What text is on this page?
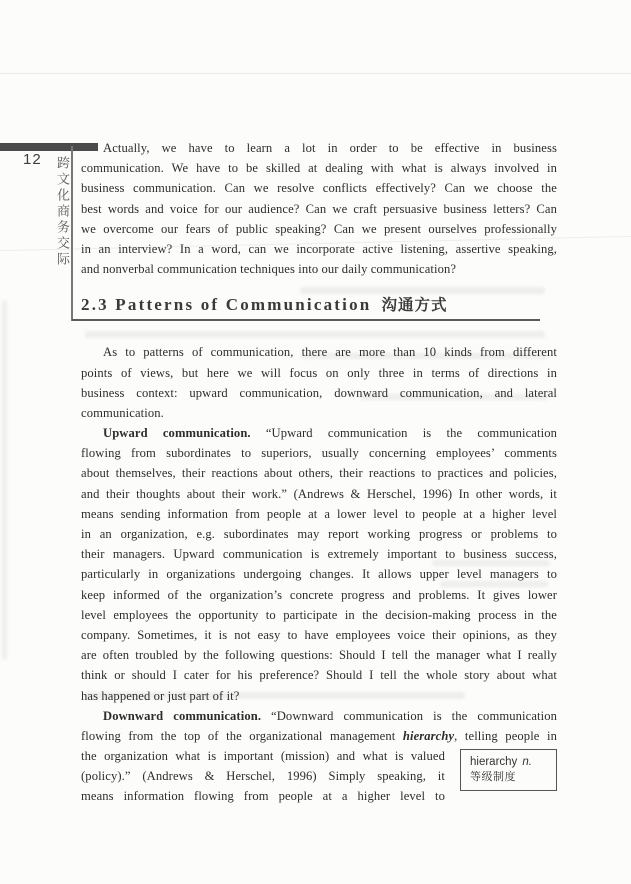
12 跨文化商务交际
Actually, we have to learn a lot in order to be effective in business
communication. We have to be skilled at dealing with what is always involved in
business communication. Can we resolve conflicts effectively? Can we choose the
best words and voice for our audience? Can we craft persuasive business letters? Can
we overcome our fears of public speaking? Can we present ourselves professionally
in an interview? In a word, can we incorporate active listening, assertive speaking,
and nonverbal communication techniques into our daily communication?
2.3 Patterns of Communication 沟通方式
As to patterns of communication, there are more than 10 kinds from different
points of views, but here we will focus on only three in terms of directions in
business context: upward communication, downward communication, and lateral
communication.
Upward communication. “Upward communication is the communication
flowing from subordinates to superiors, usually concerning employees’ comments
about themselves, their reactions about others, their reactions to practices and policies,
and their thoughts about their work.” (Andrews & Herschel, 1996) In other words, it
means sending information from people at a lower level to people at a higher level
in an organization, e.g. subordinates may report working progress or problems to
their managers. Upward communication is extremely important to business success,
particularly in organizations undergoing changes. It allows upper level managers to
keep informed of the organization’s concrete progress and problems. It gives lower
level employees the opportunity to participate in the decision-making process in the
company. Sometimes, it is not easy to have employees voice their opinions, as they
are often troubled by the following questions: Should I tell the manager what I really
think or should I cater for his preference? Should I tell the whole story about what
has happened or just part of it?
Downward communication. “Downward communication is the communication
flowing from the top of the organizational management hierarchy, telling people in
the organization what is important (mission) and what is valued
(policy).” (Andrews & Herschel, 1996) Simply speaking, it
means information flowing from people at a higher level to
hierarchy n.
等级制度
